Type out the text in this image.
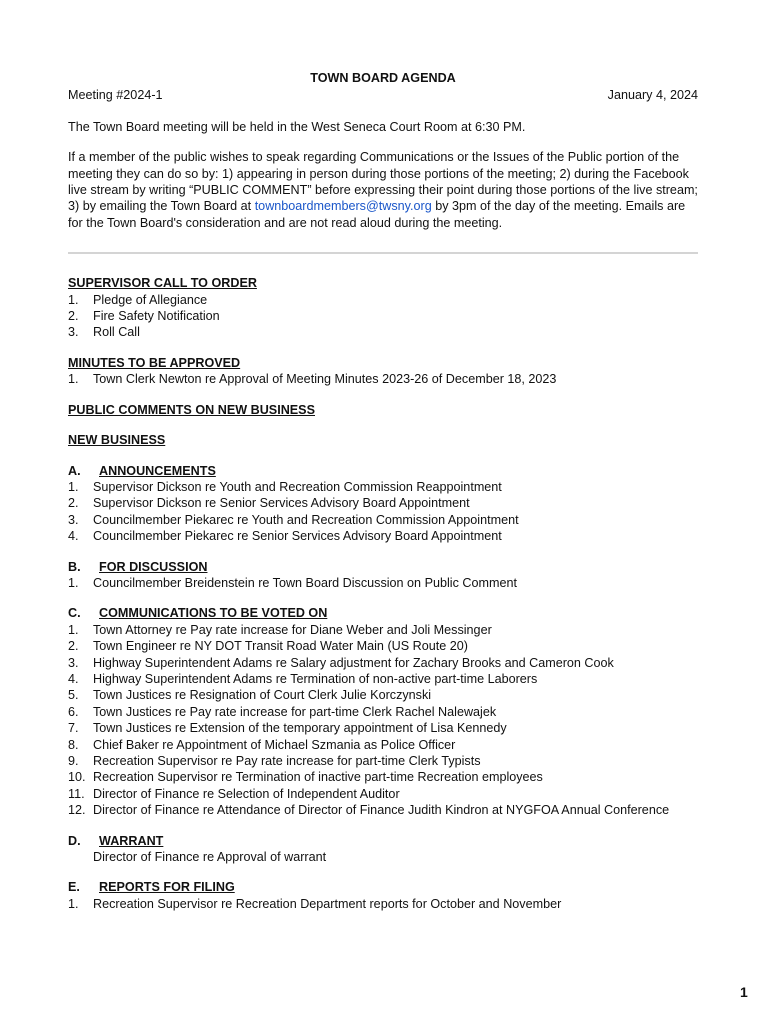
TOWN BOARD AGENDA
Meeting #2024-1	January 4, 2024
The Town Board meeting will be held in the West Seneca Court Room at 6:30 PM.
If a member of the public wishes to speak regarding Communications or the Issues of the Public portion of the meeting they can do so by: 1) appearing in person during those portions of the meeting; 2) during the Facebook live stream by writing “PUBLIC COMMENT” before expressing their point during those portions of the live stream; 3) by emailing the Town Board at townboardmembers@twsny.org by 3pm of the day of the meeting. Emails are for the Town Board's consideration and are not read aloud during the meeting.
SUPERVISOR CALL TO ORDER
1.	Pledge of Allegiance
2.	Fire Safety Notification
3.	Roll Call
MINUTES TO BE APPROVED
1.	Town Clerk Newton re Approval of Meeting Minutes 2023-26 of December 18, 2023
PUBLIC COMMENTS ON NEW BUSINESS
NEW BUSINESS
A.	ANNOUNCEMENTS
1.	Supervisor Dickson re Youth and Recreation Commission Reappointment
2.	Supervisor Dickson re Senior Services Advisory Board Appointment
3.	Councilmember Piekarec re Youth and Recreation Commission Appointment
4.	Councilmember Piekarec re Senior Services Advisory Board Appointment
B.	FOR DISCUSSION
1.	Councilmember Breidenstein re Town Board Discussion on Public Comment
C.	COMMUNICATIONS TO BE VOTED ON
1.	Town Attorney re Pay rate increase for Diane Weber and Joli Messinger
2.	Town Engineer re NY DOT Transit Road Water Main (US Route 20)
3.	Highway Superintendent Adams re Salary adjustment for Zachary Brooks and Cameron Cook
4.	Highway Superintendent Adams re Termination of non-active part-time Laborers
5.	Town Justices re Resignation of Court Clerk Julie Korczynski
6.	Town Justices re Pay rate increase for part-time Clerk Rachel Nalewajek
7.	Town Justices re Extension of the temporary appointment of Lisa Kennedy
8.	Chief Baker re Appointment of Michael Szmania as Police Officer
9.	Recreation Supervisor re Pay rate increase for part-time Clerk Typists
10. Recreation Supervisor re Termination of inactive part-time Recreation employees
11. Director of Finance re Selection of Independent Auditor
12. Director of Finance re Attendance of Director of Finance Judith Kindron at NYGFOA Annual Conference
D.	WARRANT
Director of Finance re Approval of warrant
E.	REPORTS FOR FILING
1.	Recreation Supervisor re Recreation Department reports for October and November
1
